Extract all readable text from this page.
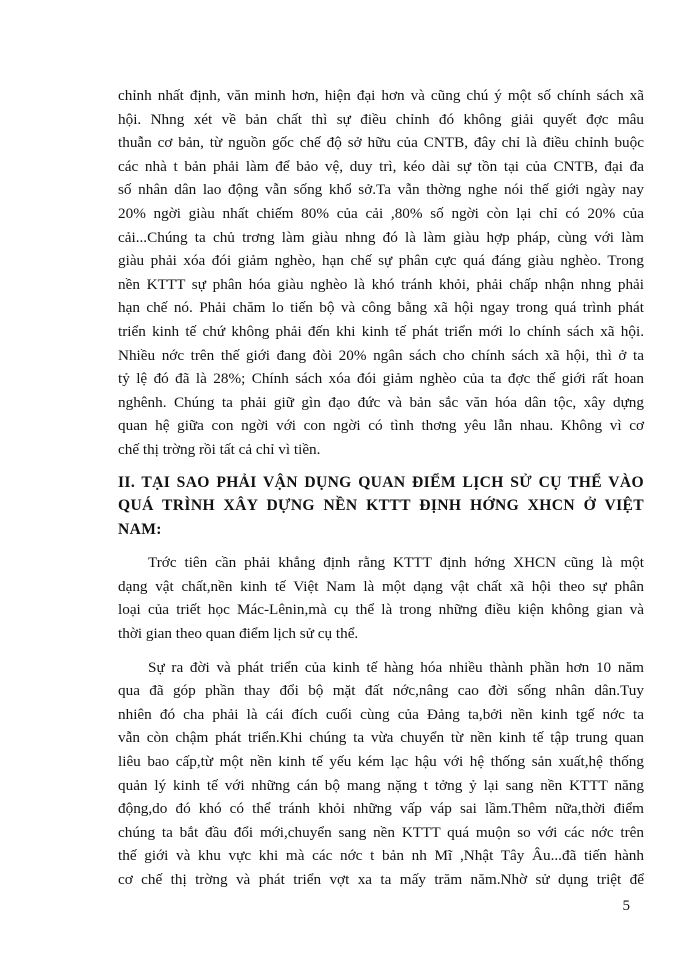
chỉnh nhất định, văn minh hơn, hiện đại hơn và cũng chú ý một số chính sách xã
hội. Nhng xét về bản chất thì sự điều chỉnh đó không giải quyết đợc mâu
thuẫn cơ bản, từ nguồn gốc chế độ sở hữu của CNTB, đây chỉ là điều chỉnh buộc
các nhà t bản phải làm để bảo vệ, duy trì, kéo dài sự tồn tại của CNTB, đại đa
số nhân dân lao động vẫn sống khổ sở.Ta vẫn thờng nghe nói thế giới ngày nay
20% ngời giàu nhất chiếm 80% của cải ,80% số ngời còn lại chỉ có 20% của
cải...Chúng ta chủ trơng làm giàu nhng đó là làm giàu hợp pháp, cùng với làm
giàu phải xóa đói giảm nghèo, hạn chế sự phân cực quá đáng giàu nghèo. Trong
nền KTTT sự phân hóa giàu nghèo là khó tránh khỏi, phải chấp nhận nhng phải
hạn chế nó. Phải chăm lo tiến bộ và công bằng xã hội ngay trong quá trình phát
triển kinh tế chứ không phải đến khi kinh tế phát triển mới lo chính sách xã hội.
Nhiều nớc trên thế giới đang đòi 20% ngân sách cho chính sách xã hội, thì ở ta
tỷ lệ đó đã là 28%; Chính sách xóa đói giảm nghèo của ta đợc thế giới rất hoan
nghênh. Chúng ta phải giữ gìn đạo đức và bản sắc văn hóa dân tộc, xây dựng
quan hệ giữa con ngời với con ngời có tình thơng yêu lẫn nhau. Không vì cơ
chế thị trờng rồi tất cả chỉ vì tiền.
II. TẠI SAO PHẢI VẬN DỤNG QUAN ĐIỂM LỊCH SỬ CỤ THỂ VÀO
QUÁ TRÌNH XÂY DỰNG NỀN KTTT ĐỊNH HỚNG XHCN Ở VIỆT
NAM:
Trớc tiên cần phải khẳng định rằng KTTT định hớng XHCN cũng là một
dạng vật chất,nền kinh tế Việt Nam là một dạng vật chất xã hội theo sự phân
loại của triết học Mác-Lênin,mà cụ thể là trong những điều kiện không gian và
thời gian theo quan điểm lịch sử cụ thể.
Sự ra đời và phát triển của kinh tế hàng hóa nhiều thành phần hơn 10 năm
qua đã góp phần thay đổi bộ mặt đất nớc,nâng cao đời sống nhân dân.Tuy
nhiên đó cha phải là cái đích cuối cùng của Đảng ta,bởi nền kinh tgế nớc ta
vẫn còn chậm phát triển.Khi chúng ta vừa chuyển từ nền kinh tế tập trung quan
liêu bao cấp,từ một nền kinh tế yếu kém lạc hậu với hệ thống sản xuất,hệ thống
quản lý kinh tế với những cán bộ mang nặng t tởng ỷ lại sang nền KTTT năng
động,do đó khó có thể tránh khỏi những vấp váp sai lầm.Thêm nữa,thời điểm
chúng ta bắt đầu đổi mới,chuyển sang nền KTTT quá muộn so với các nớc trên
thế giới và khu vực khi mà các nớc t bản nh Mĩ ,Nhật Tây Âu...đã tiến hành
cơ chế thị trờng và phát triển vợt xa ta mấy trăm năm.Nhờ sử dụng triệt để
5
